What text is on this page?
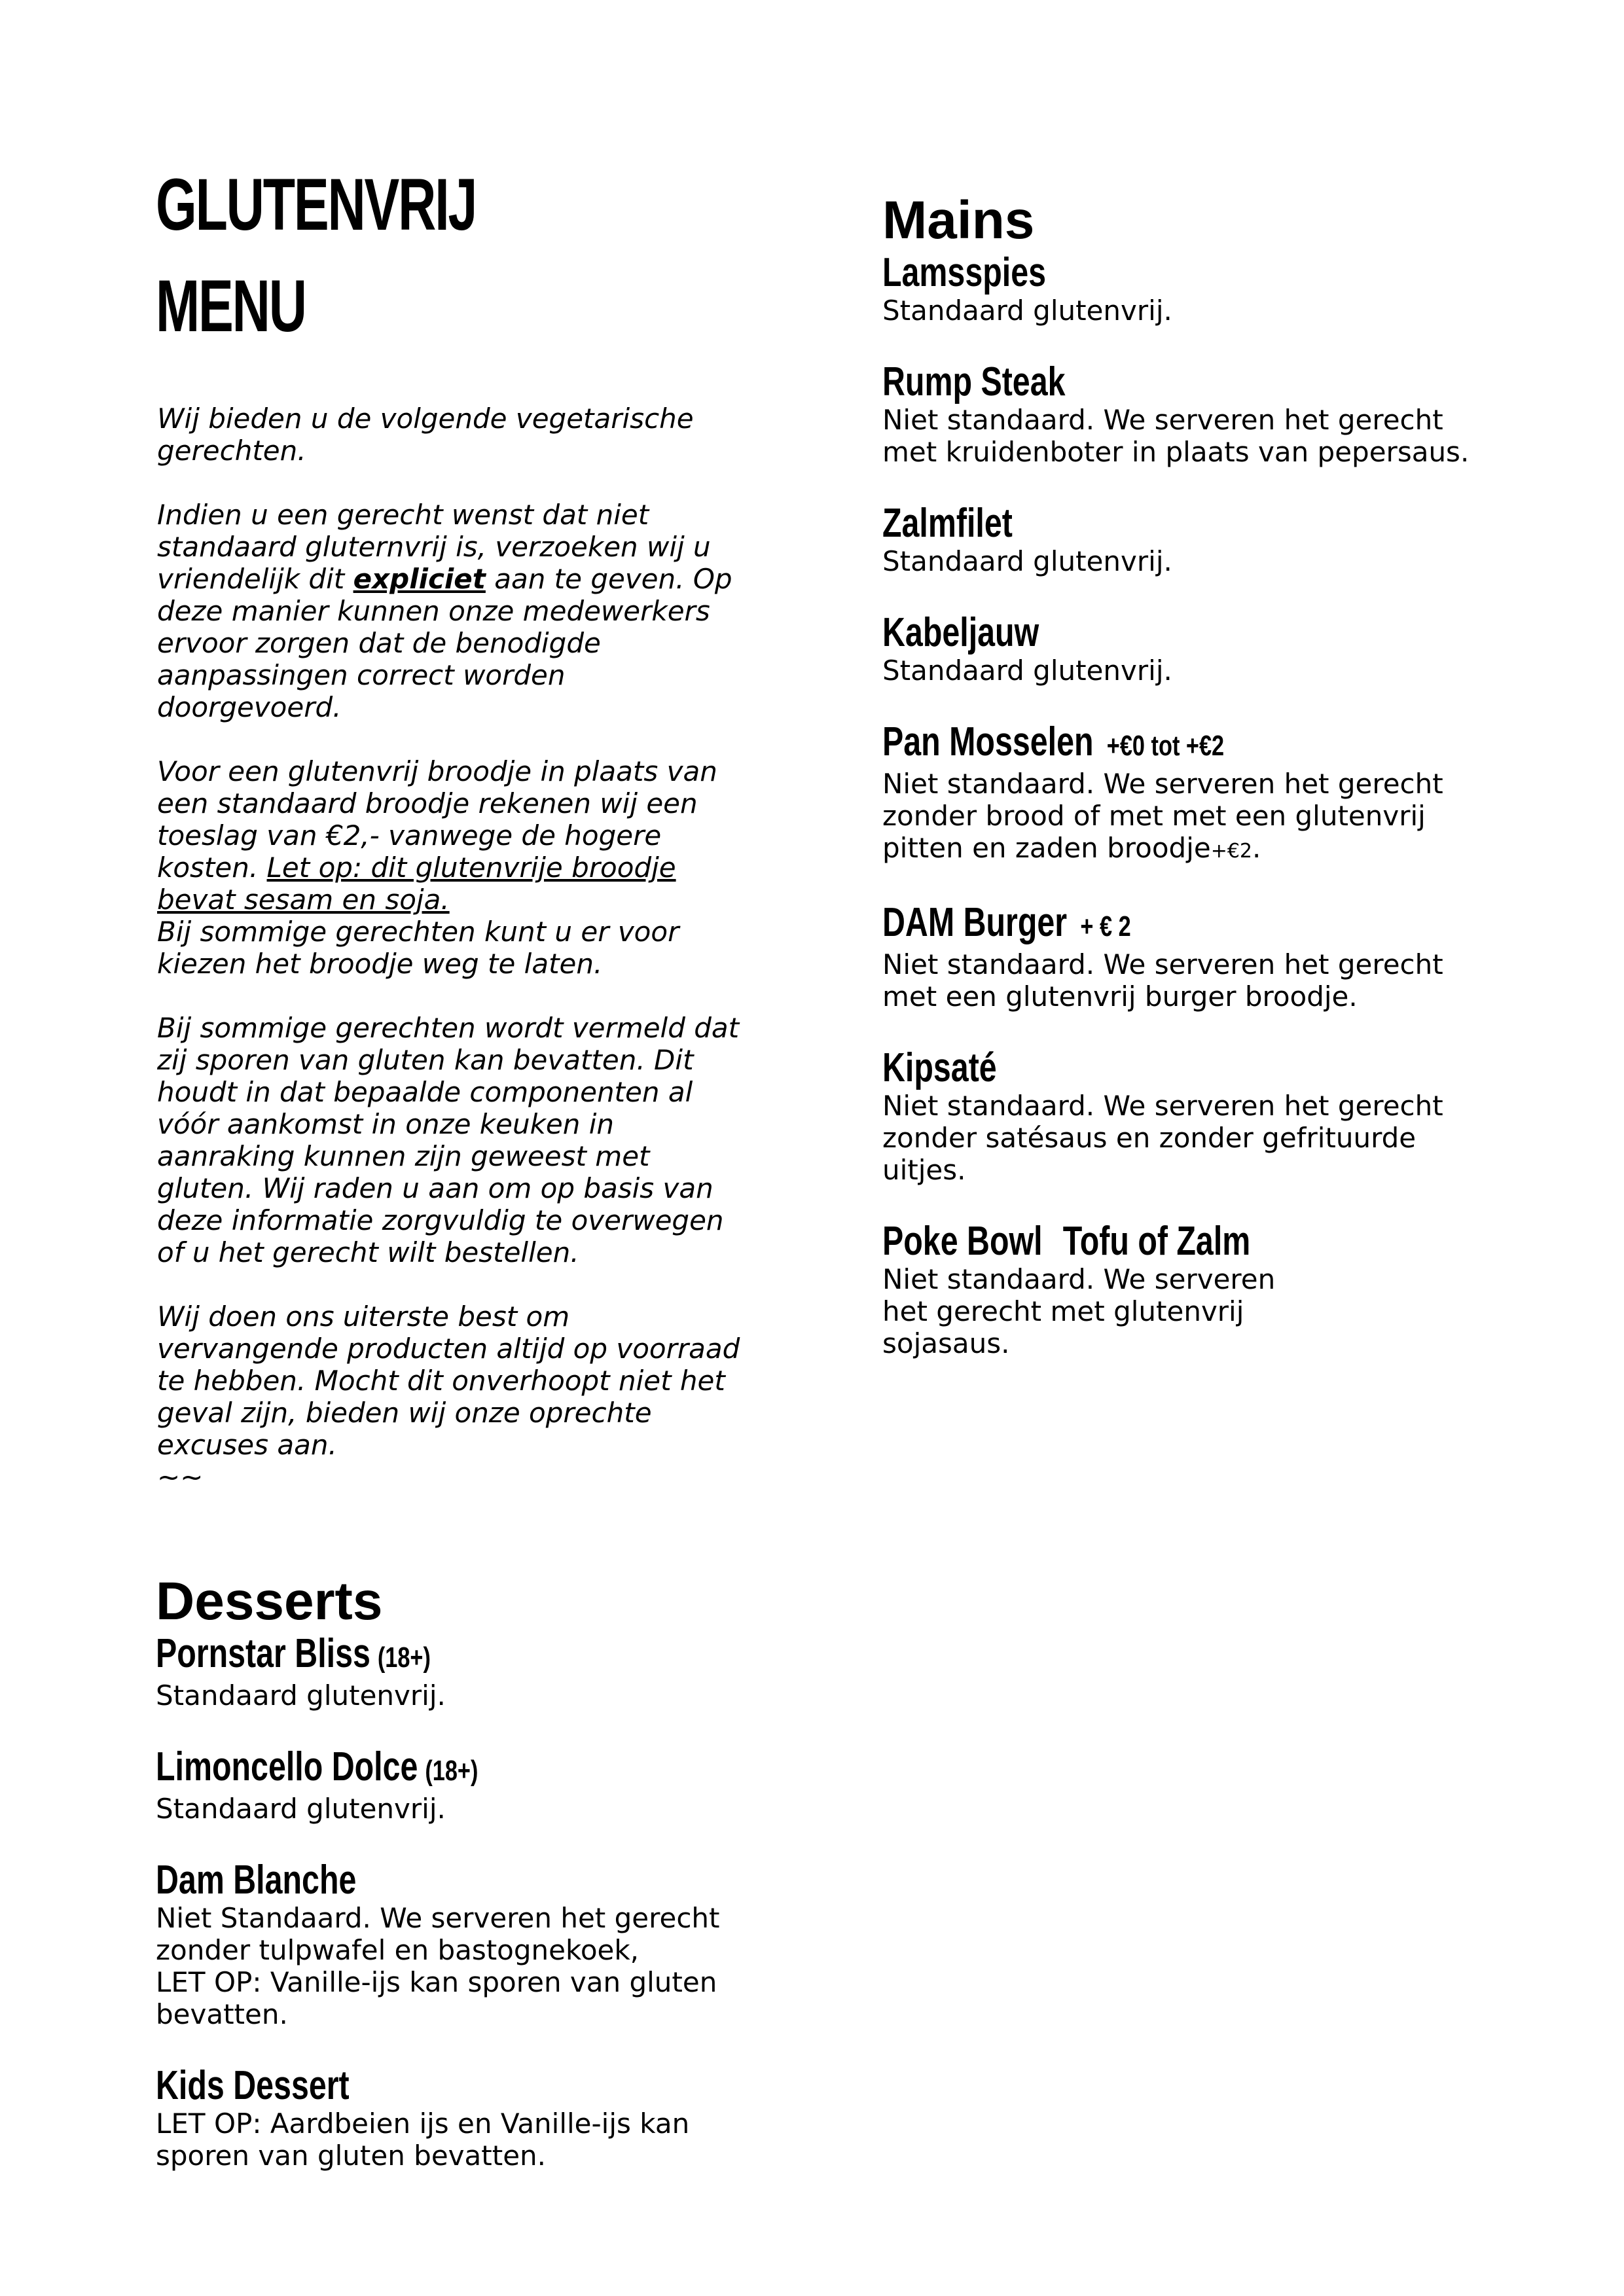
GLUTENVRIJ
MENU

Wij bieden u de volgende vegetarische gerechten.

Indien u een gerecht wenst dat niet standaard gluternvrij is, verzoeken wij u vriendelijk dit expliciet aan te geven. Op deze manier kunnen onze medewerkers ervoor zorgen dat de benodigde aanpassingen correct worden doorgevoerd.

Voor een glutenvrij broodje in plaats van een standaard broodje rekenen wij een toeslag van €2,- vanwege de hogere kosten. Let op: dit glutenvrije broodje bevat sesam en soja.

Bij sommige gerechten kunt u er voor kiezen het broodje weg te laten.

Bij sommige gerechten wordt vermeld dat zij sporen van gluten kan bevatten. Dit houdt in dat bepaalde componenten al vóór aankomst in onze keuken in aanraking kunnen zijn geweest met gluten. Wij raden u aan om op basis van deze informatie zorgvuldig te overwegen of u het gerecht wilt bestellen.

Wij doen ons uiterste best om vervangende producten altijd op voorraad te hebben. Mocht dit onverhoopt niet het geval zijn, bieden wij onze oprechte excuses aan.

~~

Mains
Lamsspies

Standaard glutenvrij.

Rump Steak

Niet standaard. We serveren het gerecht met kruidenboter in plaats van pepersaus.

Zalmfilet

Standaard glutenvrij.

Kabeljauw

Standaard glutenvrij.

Pan Mosselen +€0 tot +€2

Niet standaard. We serveren het gerecht zonder brood of met met een glutenvrij pitten en zaden broodje+€2.

DAM Burger + € 2

Niet standaard. We serveren het gerecht met een glutenvrij burger broodje.

Kipsaté

Niet standaard. We serveren het gerecht zonder satésaus en zonder gefrituurde uitjes.

Poke Bowl Tofu of Zalm

Niet standaard. We serveren het gerecht met glutenvrij sojasaus.

Desserts
Pornstar Bliss (18+)

Standaard glutenvrij.

Limoncello Dolce (18+)

Standaard glutenvrij.

Dam Blanche

Niet Standaard. We serveren het gerecht zonder tulpwafel en bastognekoek,

LET OP: Vanille-ijs kan sporen van gluten bevatten.

Kids Dessert

LET OP: Aardbeien ijs en Vanille-ijs kan sporen van gluten bevatten.
